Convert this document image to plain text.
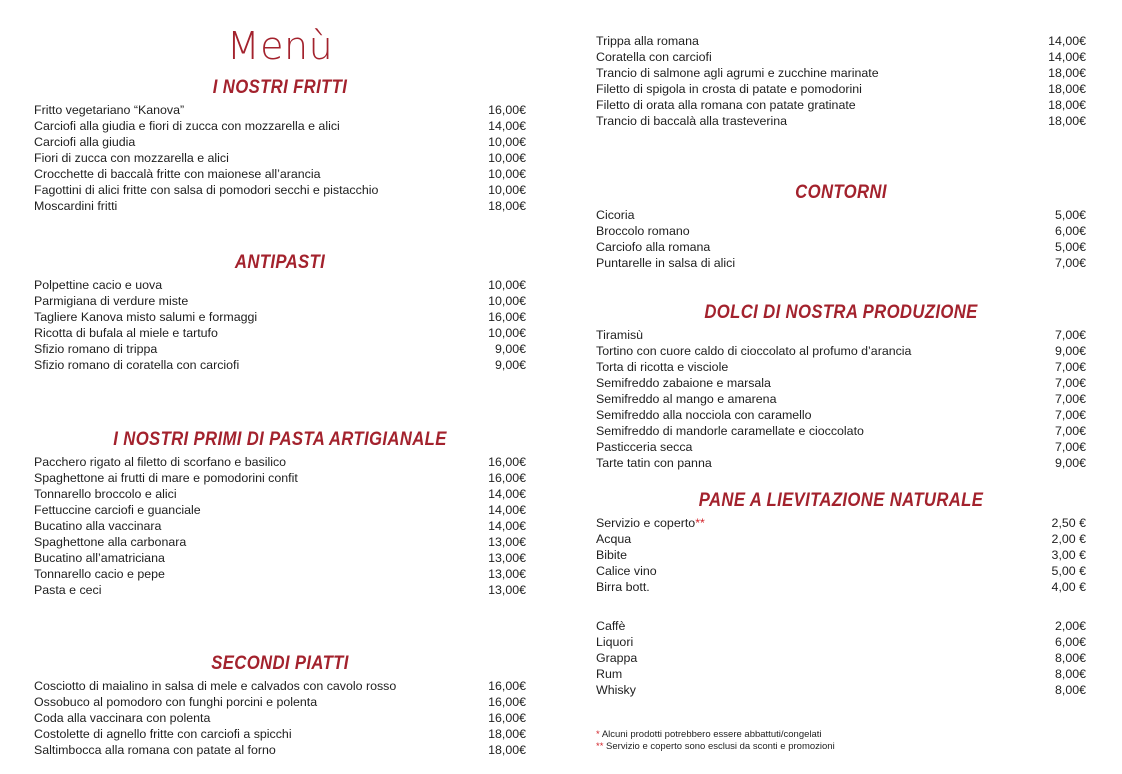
Menù
I NOSTRI FRITTI
Fritto vegetariano “Kanova”	16,00€
Carciofi alla giudia e fiori di zucca con mozzarella e alici	14,00€
Carciofi alla giudia	10,00€
Fiori di zucca con mozzarella e alici	10,00€
Crocchette di baccalà fritte con maionese all’arancia	10,00€
Fagottini di alici fritte con salsa di pomodori secchi e pistacchio	10,00€
Moscardini fritti	18,00€
ANTIPASTI
Polpettine cacio e uova	10,00€
Parmigiana di verdure miste	10,00€
Tagliere Kanova misto salumi e formaggi	16,00€
Ricotta di bufala al miele e tartufo	10,00€
Sfizio romano di trippa	9,00€
Sfizio romano di coratella con carciofi	9,00€
I NOSTRI PRIMI DI PASTA ARTIGIANALE
Pacchero rigato al filetto di scorfano e basilico	16,00€
Spaghettone ai frutti di mare e pomodorini confit	16,00€
Tonnarello broccolo e alici	14,00€
Fettuccine carciofi e guanciale	14,00€
Bucatino alla vaccinara	14,00€
Spaghettone alla carbonara	13,00€
Bucatino all’amatriciana	13,00€
Tonnarello cacio e pepe	13,00€
Pasta e ceci	13,00€
SECONDI PIATTI
Cosciotto di maialino in salsa di mele e calvados con cavolo rosso	16,00€
Ossobuco al pomodoro con funghi porcini e polenta	16,00€
Coda alla vaccinara con polenta	16,00€
Costolette di agnello fritte con carciofi a spicchi	18,00€
Saltimbocca alla romana con patate al forno	18,00€
Trippa alla romana	14,00€
Coratella con carciofi	14,00€
Trancio di salmone agli agrumi e zucchine marinate	18,00€
Filetto di spigola in crosta di patate e pomodorini	18,00€
Filetto di orata alla romana con patate gratinate	18,00€
Trancio di baccalà alla trasteverina	18,00€
CONTORNI
Cicoria	5,00€
Broccolo romano	6,00€
Carciofo alla romana	5,00€
Puntarelle in salsa di alici	7,00€
DOLCI DI NOSTRA PRODUZIONE
Tiramisù	7,00€
Tortino con cuore caldo di cioccolato al profumo d’arancia	9,00€
Torta di ricotta e visciole	7,00€
Semifreddo zabaione e marsala	7,00€
Semifreddo al mango e amarena	7,00€
Semifreddo alla nocciola con caramello	7,00€
Semifreddo di mandorle caramellate e cioccolato	7,00€
Pasticceria secca	7,00€
Tarte tatin con panna	9,00€
PANE A LIEVITAZIONE NATURALE
Servizio e coperto**	2,50 €
Acqua	2,00 €
Bibite	3,00 €
Calice vino	5,00 €
Birra bott.	4,00 €
Caffè	2,00€
Liquori	6,00€
Grappa	8,00€
Rum	8,00€
Whisky	8,00€
* Alcuni prodotti potrebbero essere abbattuti/congelati
** Servizio e coperto sono esclusi da sconti e promozioni
